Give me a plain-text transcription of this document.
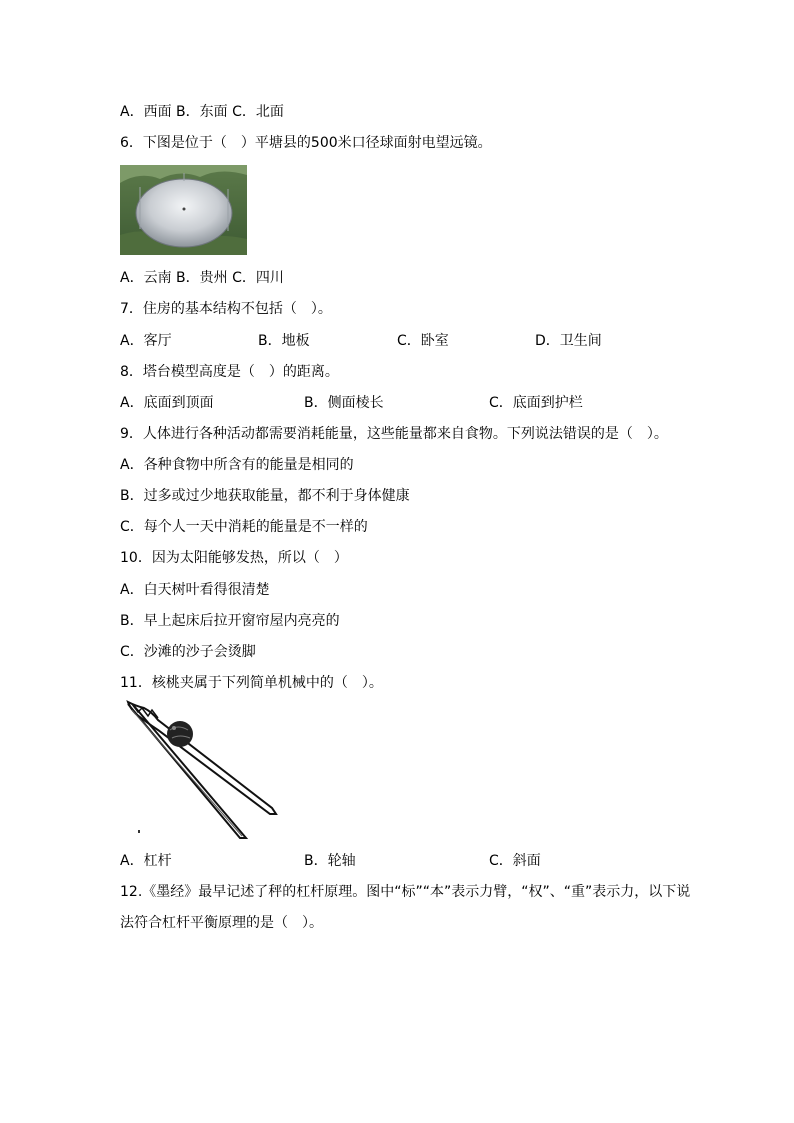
A．西面 B．东面 C．北面
6．下图是位于（　）平塘县的500米口径球面射电望远镜。
A．云南 B．贵州 C．四川
7．住房的基本结构不包括（　）。
A．客厅	B．地板	C．卧室	D．卫生间
8．塔台模型高度是（　）的距离。
A．底面到顶面	B．侧面棱长	C．底面到护栏
9．人体进行各种活动都需要消耗能量，这些能量都来自食物。下列说法错误的是（　）。
A．各种食物中所含有的能量是相同的
B．过多或过少地获取能量，都不利于身体健康
C．每个人一天中消耗的能量是不一样的
10．因为太阳能够发热，所以（　）
A．白天树叶看得很清楚
B．早上起床后拉开窗帘屋内亮亮的
C．沙滩的沙子会烫脚
11．核桃夹属于下列简单机械中的（　）。
A．杠杆	B．轮轴	C．斜面
12.《墨经》最早记述了秤的杠杆原理。图中“标”“本”表示力臂，“权”、“重”表示力，以下说
法符合杠杆平衡原理的是（　）。
